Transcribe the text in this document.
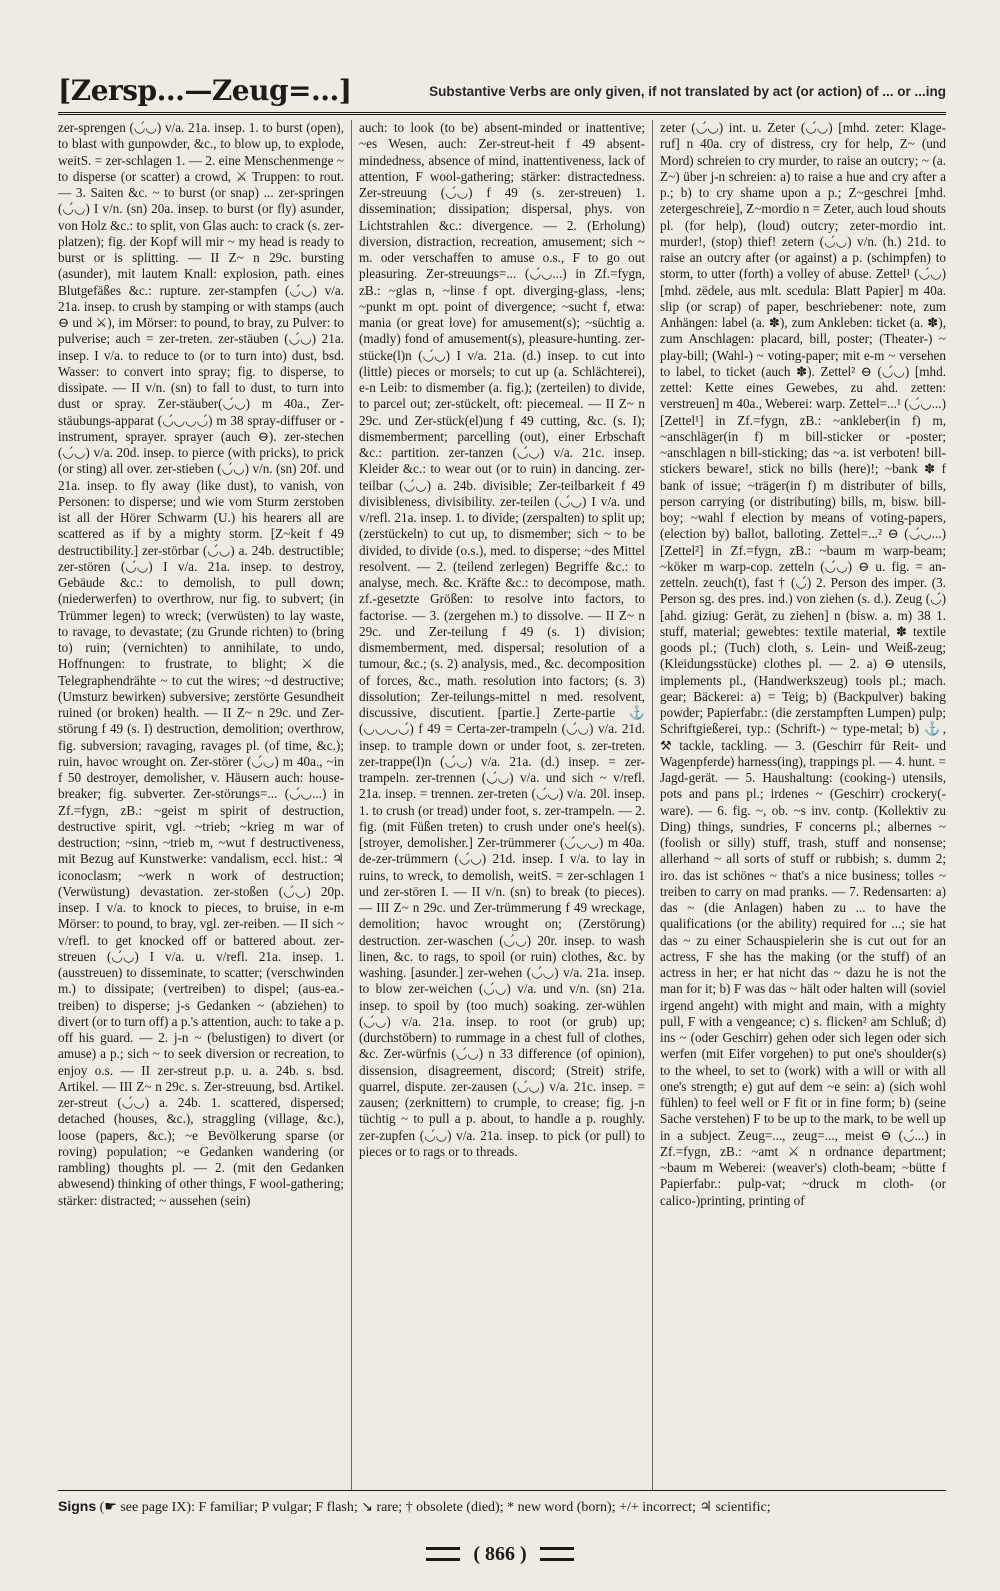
[Zersp...—Zeug=...]	Substantive Verbs are only given, if not translated by act (or action) of ... or ...ing

zer-sprengen (◡́◡) v/a. 21a. insep. 1. to burst (open), to blast with gunpowder, &c., to blow up, to explode, weitS. = zer-schlagen 1. — 2. eine Menschenmenge ~ to disperse (or scatter) a crowd, ⚔ Truppen: to rout. — 3. Saiten &c. ~ to burst (or snap) ... zer-springen (◡́◡) I v/n. (sn) 20a. insep. to burst (or fly) asunder, von Holz &c.: to split, von Glas auch: to crack (s. zer-platzen); fig. der Kopf will mir ~ my head is ready to burst or is splitting. — II Z~ n 29c. bursting (asunder), mit lautem Knall: explosion, path. eines Blutgefäßes &c.: rupture. zer-stampfen (◡́◡) v/a. 21a. insep. to crush by stamping or with stamps (auch ⊖ und ⚔), im Mörser: to pound, to bray, zu Pulver: to pulverise; auch = zer-treten. zer-stäuben (◡́◡) 21a. insep. I v/a. to reduce to (or to turn into) dust, bsd. Wasser: to convert into spray; fig. to disperse, to dissipate. — II v/n. (sn) to fall to dust, to turn into dust or spray. Zer-stäuber(◡́◡) m 40a., Zer-stäubungs-apparat (◡́◡◡◡́) m 38 spray-diffuser or -instrument, sprayer. sprayer (auch ⊖). zer-stechen (◡́◡) v/a. 20d. insep. to pierce (with pricks), to prick (or sting) all over. zer-stieben (◡́◡) v/n. (sn) 20f. und 21a. insep. to fly away (like dust), to vanish, von Personen: to disperse; und wie vom Sturm zerstoben ist all der Hörer Schwarm (U.) his hearers all are scattered as if by a mighty storm. [Z~keit f 49 destructibility.] zer-störbar (◡́◡) a. 24b. destructible; zer-stören (◡́◡) I v/a. 21a. insep. to destroy, Gebäude &c.: to demolish, to pull down; (niederwerfen) to overthrow, nur fig. to subvert; (in Trümmer legen) to wreck; (verwüsten) to lay waste, to ravage, to devastate; (zu Grunde richten) to (bring to) ruin; (vernichten) to annihilate, to undo, Hoffnungen: to frustrate, to blight; ⚔ die Telegraphendrähte ~ to cut the wires; ~d destructive; (Umsturz bewirken) subversive; zerstörte Gesundheit ruined (or broken) health. — II Z~ n 29c. und Zer-störung f 49 (s. I) destruction, demolition; overthrow, fig. subversion; ravaging, ravages pl. (of time, &c.); ruin, havoc wrought on. Zer-störer (◡́◡) m 40a., ~in f 50 destroyer, demolisher, v. Häusern auch: house-breaker; fig. subverter. Zer-störungs=... (◡́◡...) in Zf.=fygn, zB.: ~geist m spirit of destruction, destructive spirit, vgl. ~trieb; ~krieg m war of destruction; ~sinn, ~trieb m, ~wut f destructiveness, mit Bezug auf Kunstwerke: vandalism, eccl. hist.: ♃ iconoclasm; ~werk n work of destruction; (Verwüstung) devastation. zer-stoßen (◡́◡) 20p. insep. I v/a. to knock to pieces, to bruise, in e-m Mörser: to pound, to bray, vgl. zer-reiben. — II sich ~ v/refl. to get knocked off or battered about. zer-streuen (◡́◡) I v/a. u. v/refl. 21a. insep. 1. (ausstreuen) to disseminate, to scatter; (verschwinden m.) to dissipate; (vertreiben) to dispel; (aus-ea.-treiben) to disperse; j-s Gedanken ~ (abziehen) to divert (or to turn off) a p.'s attention, auch: to take a p. off his guard. — 2. j-n ~ (belustigen) to divert (or amuse) a p.; sich ~ to seek diversion or recreation, to enjoy o.s. — II zer-streut p.p. u. a. 24b. s. bsd. Artikel. — III Z~ n 29c. s. Zer-streuung, bsd. Artikel. zer-streut (◡́◡) a. 24b. 1. scattered, dispersed; detached (houses, &c.), straggling (village, &c.), loose (papers, &c.); ~e Bevölkerung sparse (or roving) population; ~e Gedanken wandering (or rambling) thoughts pl. — 2. (mit den Gedanken abwesend) thinking of other things, F wool-gathering; stärker: distracted; ~ aussehen (sein)

auch: to look (to be) absent-minded or inattentive; ~es Wesen, auch: Zer-streut-heit f 49 absent-mindedness, absence of mind, inattentiveness, lack of attention, F wool-gathering; stärker: distractedness. Zer-streuung (◡́◡) f 49 (s. zer-streuen) 1. dissemination; dissipation; dispersal, phys. von Lichtstrahlen &c.: divergence. — 2. (Erholung) diversion, distraction, recreation, amusement; sich ~ m. oder verschaffen to amuse o.s., F to go out pleasuring. Zer-streuungs=... (◡́◡...) in Zf.=fygn, zB.: ~glas n, ~linse f opt. diverging-glass, -lens; ~punkt m opt. point of divergence; ~sucht f, etwa: mania (or great love) for amusement(s); ~süchtig a. (madly) fond of amusement(s), pleasure-hunting. zer-stücke(l)n (◡́◡) I v/a. 21a. (d.) insep. to cut into (little) pieces or morsels; to cut up (a. Schlächterei), e-n Leib: to dismember (a. fig.); (zerteilen) to divide, to parcel out; zer-stückelt, oft: piecemeal. — II Z~ n 29c. und Zer-stück(el)ung f 49 cutting, &c. (s. I); dismemberment; parcelling (out), einer Erbschaft &c.: partition. zer-tanzen (◡́◡) v/a. 21c. insep. Kleider &c.: to wear out (or to ruin) in dancing. zer-teilbar (◡́◡) a. 24b. divisible; Zer-teilbarkeit f 49 divisibleness, divisibility. zer-teilen (◡́◡) I v/a. und v/refl. 21a. insep. 1. to divide; (zerspalten) to split up; (zerstückeln) to cut up, to dismember; sich ~ to be divided, to divide (o.s.), med. to disperse; ~des Mittel resolvent. — 2. (teilend zerlegen) Begriffe &c.: to analyse, mech. &c. Kräfte &c.: to decompose, math. zf.-gesetzte Größen: to resolve into factors, to factorise. — 3. (zergehen m.) to dissolve. — II Z~ n 29c. und Zer-teilung f 49 (s. 1) division; dismemberment, med. dispersal; resolution of a tumour, &c.; (s. 2) analysis, med., &c. decomposition of forces, &c., math. resolution into factors; (s. 3) dissolution; Zer-teilungs-mittel n med. resolvent, discussive, discutient. [partie.] Zerte-partie ⚓ (◡◡◡◡́) f 49 = Certa-zer-trampeln (◡́◡) v/a. 21d. insep. to trample down or under foot, s. zer-treten. zer-trappe(l)n (◡́◡) v/a. 21a. (d.) insep. = zer-trampeln. zer-trennen (◡́◡) v/a. und sich ~ v/refl. 21a. insep. = trennen. zer-treten (◡́◡) v/a. 20l. insep. 1. to crush (or tread) under foot, s. zer-trampeln. — 2. fig. (mit Füßen treten) to crush under one's heel(s). [stroyer, demolisher.] Zer-trümmerer (◡́◡◡) m 40a. de-zer-trümmern (◡́◡) 21d. insep. I v/a. to lay in ruins, to wreck, to demolish, weitS. = zer-schlagen 1 und zer-stören I. — II v/n. (sn) to break (to pieces). — III Z~ n 29c. und Zer-trümmerung f 49 wreckage, demolition; havoc wrought on; (Zerstörung) destruction. zer-waschen (◡́◡) 20r. insep. to wash linen, &c. to rags, to spoil (or ruin) clothes, &c. by washing. [asunder.] zer-wehen (◡́◡) v/a. 21a. insep. to blow zer-weichen (◡́◡) v/a. und v/n. (sn) 21a. insep. to spoil by (too much) soaking. zer-wühlen (◡́◡) v/a. 21a. insep. to root (or grub) up; (durchstöbern) to rummage in a chest full of clothes, &c. Zer-würfnis (◡́◡) n 33 difference (of opinion), dissension, disagreement, discord; (Streit) strife, quarrel, dispute. zer-zausen (◡́◡) v/a. 21c. insep. = zausen; (zerknittern) to crumple, to crease; fig. j-n tüchtig ~ to pull a p. about, to handle a p. roughly. zer-zupfen (◡́◡) v/a. 21a. insep. to pick (or pull) to pieces or to rags or to threads.

zeter (◡́◡) int. u. Zeter (◡́◡) [mhd. zeter: Klage-ruf] n 40a. cry of distress, cry for help, Z~ (und Mord) schreien to cry murder, to raise an outcry; ~ (a. Z~) über j-n schreien: a) to raise a hue and cry after a p.; b) to cry shame upon a p.; Z~geschrei [mhd. zetergeschreie], Z~mordio n = Zeter, auch loud shouts pl. (for help), (loud) outcry; zeter-mordio int. murder!, (stop) thief! zetern (◡́◡) v/n. (h.) 21d. to raise an outcry after (or against) a p. (schimpfen) to storm, to utter (forth) a volley of abuse. Zettel¹ (◡́◡) [mhd. zëdele, aus mlt. scedula: Blatt Papier] m 40a. slip (or scrap) of paper, beschriebener: note, zum Anhängen: label (a. ✽), zum Ankleben: ticket (a. ✽), zum Anschlagen: placard, bill, poster; (Theater-) ~ play-bill; (Wahl-) ~ voting-paper; mit e-m ~ versehen to label, to ticket (auch ✽). Zettel² ⊖ (◡́◡) [mhd. zettel: Kette eines Gewebes, zu ahd. zetten: verstreuen] m 40a., Weberei: warp. Zettel=...¹ (◡́◡...) [Zettel¹] in Zf.=fygn, zB.: ~ankleber(in f) m, ~anschläger(in f) m bill-sticker or -poster; ~anschlagen n bill-sticking; das ~a. ist verboten! bill-stickers beware!, stick no bills (here)!; ~bank ✽ f bank of issue; ~träger(in f) m distributer of bills, person carrying (or distributing) bills, m, bisw. bill-boy; ~wahl f election by means of voting-papers, (election by) ballot, balloting. Zettel=...² ⊖ (◡́◡...) [Zettel²] in Zf.=fygn, zB.: ~baum m warp-beam; ~köker m warp-cop. zetteln (◡́◡) ⊖ u. fig. = an-zetteln. zeuch(t), fast † (◡́) 2. Person des imper. (3. Person sg. des pres. ind.) von ziehen (s. d.). Zeug (◡́) [ahd. giziug: Gerät, zu ziehen] n (bisw. a. m) 38 1. stuff, material; gewebtes: textile material, ✽ textile goods pl.; (Tuch) cloth, s. Lein- und Weiß-zeug; (Kleidungsstücke) clothes pl. — 2. a) ⊖ utensils, implements pl., (Handwerkszeug) tools pl.; mach. gear; Bäckerei: a) = Teig; b) (Backpulver) baking powder; Papierfabr.: (die zerstampften Lumpen) pulp; Schriftgießerei, typ.: (Schrift-) ~ type-metal; b) ⚓, ⚒ tackle, tackling. — 3. (Geschirr für Reit- und Wagenpferde) harness(ing), trappings pl. — 4. hunt. = Jagd-gerät. — 5. Haushaltung: (cooking-) utensils, pots and pans pl.; irdenes ~ (Geschirr) crockery(-ware). — 6. fig. ~, ob. ~s inv. contp. (Kollektiv zu Ding) things, sundries, F concerns pl.; albernes ~ (foolish or silly) stuff, trash, stuff and nonsense; allerhand ~ all sorts of stuff or rubbish; s. dumm 2; iro. das ist schönes ~ that's a nice business; tolles ~ treiben to carry on mad pranks. — 7. Redensarten: a) das ~ (die Anlagen) haben zu ... to have the qualifications (or the ability) required for ...; sie hat das ~ zu einer Schauspielerin she is cut out for an actress, F she has the making (or the stuff) of an actress in her; er hat nicht das ~ dazu he is not the man for it; b) F was das ~ hält oder halten will (soviel irgend angeht) with might and main, with a mighty pull, F with a vengeance; c) s. flicken² am Schluß; d) ins ~ (oder Geschirr) gehen oder sich legen oder sich werfen (mit Eifer vorgehen) to put one's shoulder(s) to the wheel, to set to (work) with a will or with all one's strength; e) gut auf dem ~e sein: a) (sich wohl fühlen) to feel well or F fit or in fine form; b) (seine Sache verstehen) F to be up to the mark, to be well up in a subject. Zeug=..., zeug=..., meist ⊖ (◡́...) in Zf.=fygn, zB.: ~amt ⚔ n ordnance department; ~baum m Weberei: (weaver's) cloth-beam; ~bütte f Papierfabr.: pulp-vat; ~druck m cloth- (or calico-)printing, printing of

Signs (☛ see page IX): F familiar; P vulgar; F flash; ↘ rare; † obsolete (died); * new word (born); +/+ incorrect; ♃ scientific;
( 866 )
